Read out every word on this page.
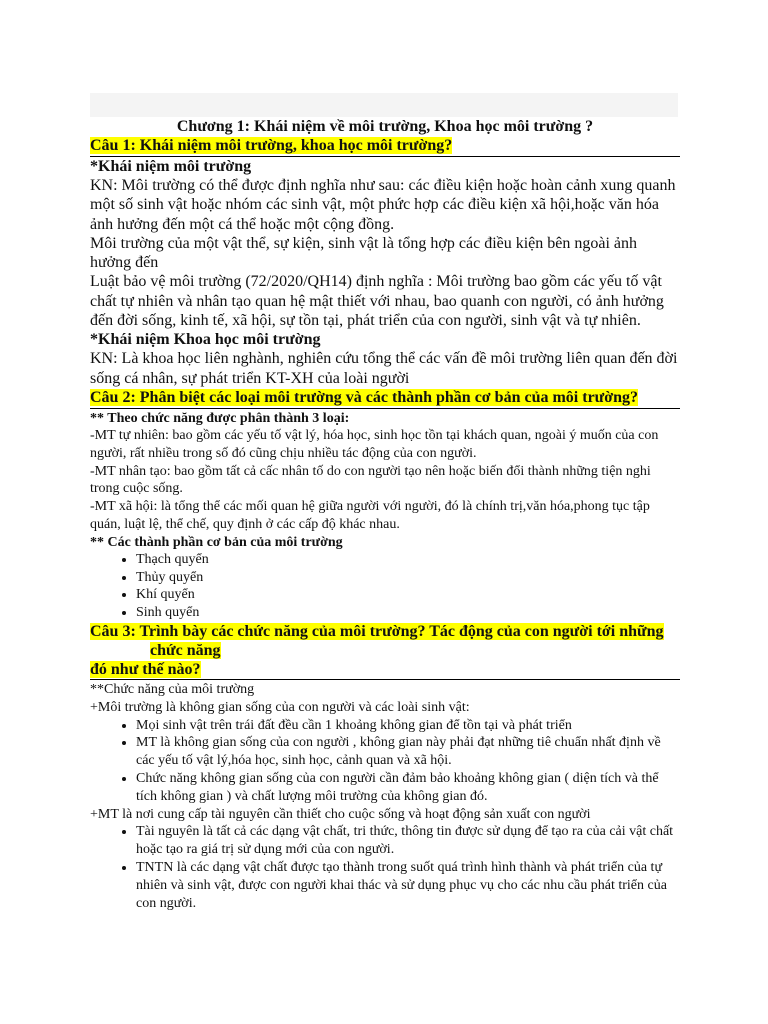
Chương 1: Khái niệm về môi trường, Khoa học môi trường ?

Câu 1: Khái niệm môi trường, khoa học môi trường?

*Khái niệm môi trường

KN: Môi trường có thể được định nghĩa như sau: các điều kiện hoặc hoàn cảnh xung quanh một số sinh vật hoặc nhóm các sinh vật, một phức hợp các điều kiện xã hội,hoặc văn hóa ảnh hưởng đến một cá thể hoặc một cộng đồng.

Môi trường của một vật thể, sự kiện, sinh vật là tổng hợp các điều kiện bên ngoài ảnh hưởng đến

Luật bảo vệ môi trường (72/2020/QH14) định nghĩa : Môi trường bao gồm các yếu tố vật chất tự nhiên và nhân tạo quan hệ mật thiết với nhau, bao quanh con người, có ảnh hưởng đến đời sống, kinh tế, xã hội, sự tồn tại, phát triển của con người, sinh vật và tự nhiên.

*Khái niệm Khoa học môi trường

KN: Là khoa học liên nghành, nghiên cứu tổng thể các vấn đề môi trường liên quan đến đời sống cá nhân, sự phát triển KT-XH của loài người

Câu 2: Phân biệt các loại môi trường và các thành phần cơ bản của môi trường?

** Theo chức năng được phân thành 3 loại:

-MT tự nhiên: bao gồm các yếu tố vật lý, hóa học, sinh học tồn tại khách quan, ngoài ý muốn của con người, rất nhiều trong số đó cũng chịu nhiều tác động của con người.

-MT nhân tạo: bao gồm tất cả cấc nhân tố do con người tạo nên hoặc biến đổi thành những tiện nghi trong cuộc sống.

-MT xã hội: là tổng thể các mối quan hệ giữa người với người, đó là chính trị,văn hóa,phong tục tập quán, luật lệ, thể chế, quy định ở các cấp độ khác nhau.

** Các thành phần cơ bản của môi trường

• Thạch quyển
• Thủy quyển
• Khí quyển
• Sinh quyển
Câu 3: Trình bày các chức năng của môi trường? Tác động của con người tới những

chức năng
đó như thế nào?

**Chức năng của môi trường

+Môi trường là không gian sống của con người và các loài sinh vật:

• Mọi sinh vật trên trái đất đều cần 1 khoảng không gian để tồn tại và phát triển
• MT là không gian sống của con người , không gian này phải đạt những tiê chuẩn nhất định về các yếu tố vật lý,hóa học, sinh học, cảnh quan và xã hội.
• Chức năng không gian sống của con người cần đảm bảo khoảng không gian ( diện tích và thể tích không gian ) và chất lượng môi trường của không gian đó.

+MT là nơi cung cấp tài nguyên cần thiết cho cuộc sống và hoạt động sản xuất con người

• Tài nguyên là tất cả các dạng vật chất, tri thức, thông tin được sử dụng để tạo ra của cải vật chất hoặc tạo ra giá trị sử dụng mới của con người.
• TNTN là các dạng vật chất được tạo thành trong suốt quá trình hình thành và phát triển của tự nhiên và sinh vật, được con người khai thác và sử dụng phục vụ cho các nhu cầu phát triển của con người.
